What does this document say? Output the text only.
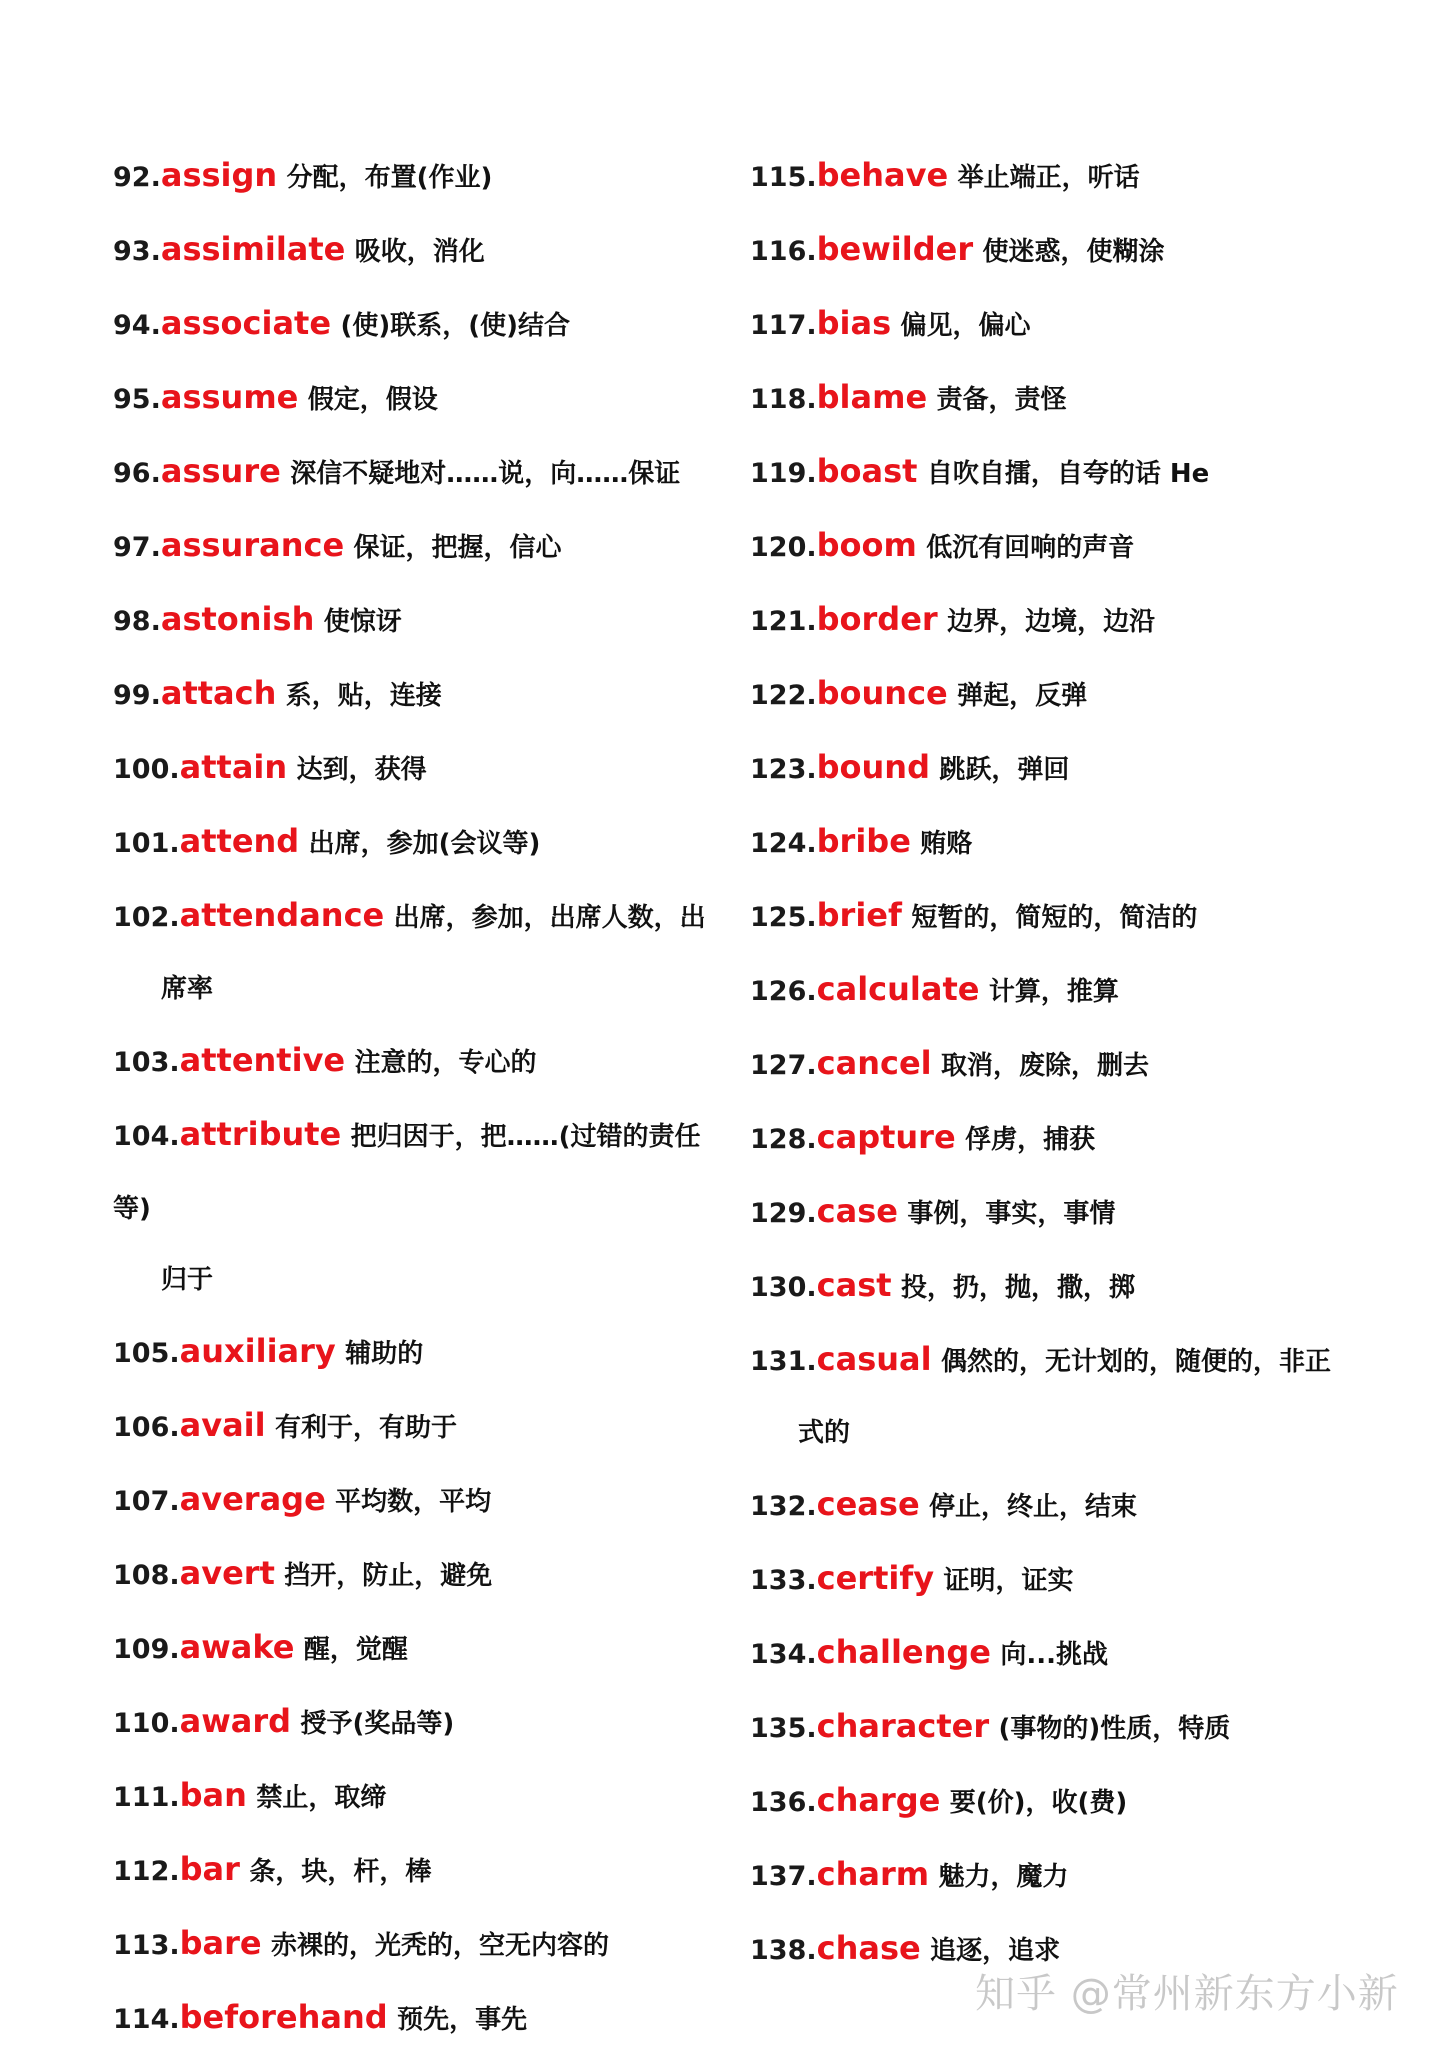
92.assign 分配，布置(作业)
93.assimilate 吸收，消化
94.associate (使)联系，(使)结合
95.assume 假定，假设
96.assure 深信不疑地对……说，向……保证
97.assurance 保证，把握，信心
98.astonish 使惊讶
99.attach 系，贴，连接
100.attain 达到，获得
101.attend 出席，参加(会议等)
102.attendance 出席，参加，出席人数，出
席率
103.attentive 注意的，专心的
104.attribute 把归因于，把……(过错的责任等)
归于
105.auxiliary 辅助的
106.avail 有利于，有助于
107.average 平均数，平均
108.avert 挡开，防止，避免
109.awake 醒，觉醒
110.award 授予(奖品等)
111.ban 禁止，取缔
112.bar 条，块，杆，棒
113.bare 赤裸的，光秃的，空无内容的
114.beforehand 预先，事先
115.behave 举止端正，听话
116.bewilder 使迷惑，使糊涂
117.bias 偏见，偏心
118.blame 责备，责怪
119.boast 自吹自擂，自夸的话 He
120.boom 低沉有回响的声音
121.border 边界，边境，边沿
122.bounce 弹起，反弹
123.bound 跳跃，弹回
124.bribe 贿赂
125.brief 短暂的，简短的，简洁的
126.calculate 计算，推算
127.cancel 取消，废除，删去
128.capture 俘虏，捕获
129.case 事例，事实，事情
130.cast 投，扔，抛，撒，掷
131.casual 偶然的，无计划的，随便的，非正
式的
132.cease 停止，终止，结束
133.certify 证明，证实
134.challenge 向...挑战
135.character (事物的)性质，特质
136.charge 要(价)，收(费)
137.charm 魅力，魔力
138.chase 追逐，追求
知乎 @常州新东方小新
